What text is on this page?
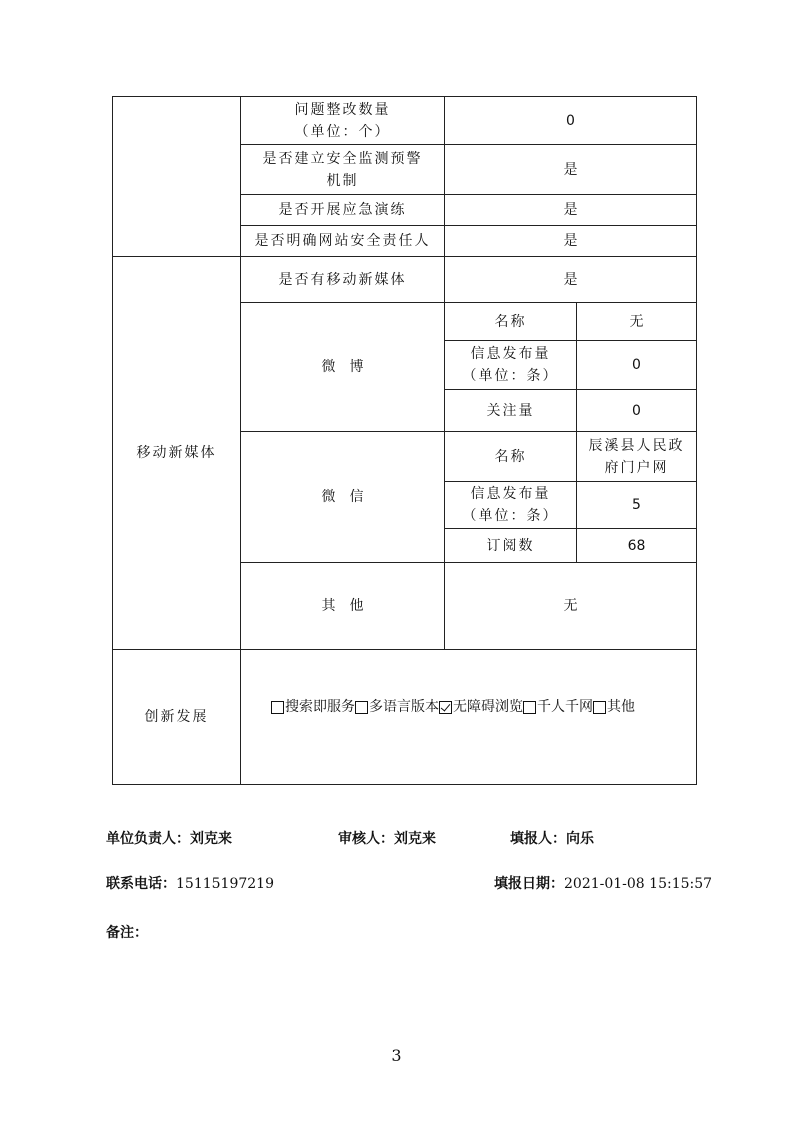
	问题整改数量
（单位：个）	0	

	是否建立安全监测预警
机制	是	
	是否开展应急演练	是	
	是否明确网站安全责任人	是	
移动新媒体	是否有移动新媒体	是	
	微　博	名称	无

		信息发布量
（单位：条）	0
		关注量	0
	微　信	名称	辰溪县人民政
府门户网

		信息发布量
（单位：条）	5
		订阅数	68
	其　他	无	

创新发展	搜索即服务 多语言版本 无障碍浏览 千人千网 其他		
单位负责人：刘克来	审核人：刘克来	填报人：向乐
联系电话：15115197219	填报日期：2021-01-08 15:15:57
备注：
3
